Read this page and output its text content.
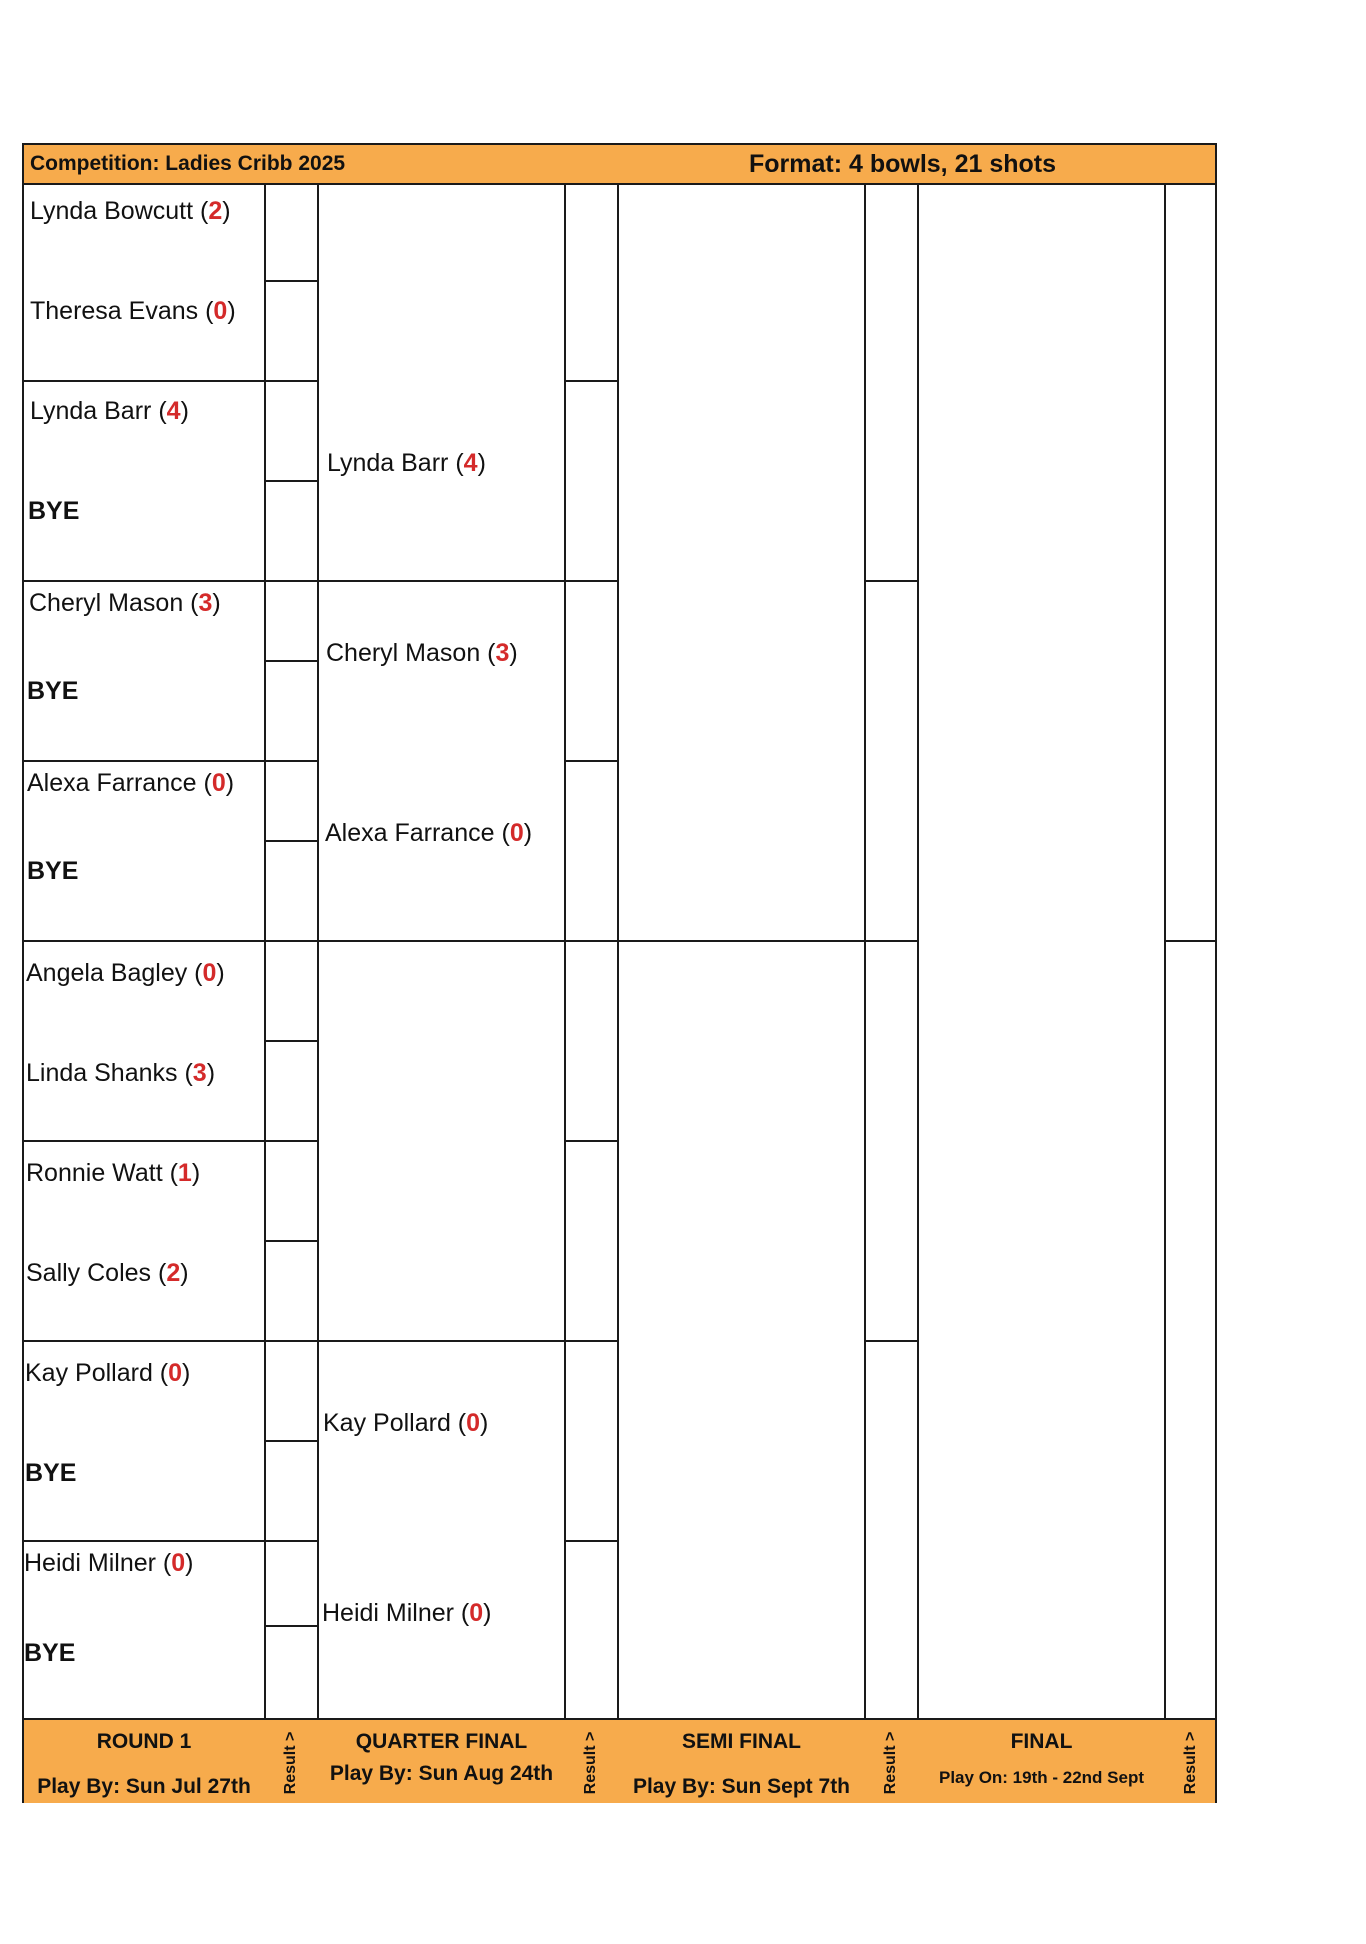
Competition: Ladies Cribb 2025	Format: 4 bowls, 21 shots
Lynda Bowcutt (2)
Theresa Evans (0)
Lynda Barr (4)
BYE
Cheryl Mason (3)
BYE
Alexa Farrance (0)
BYE
Angela Bagley (0)
Linda Shanks (3)
Ronnie Watt (1)
Sally Coles (2)
Kay Pollard (0)
BYE
Heidi Milner (0)
BYE
Lynda Barr (4)
Cheryl Mason (3)
Alexa Farrance (0)
Kay Pollard (0)
Heidi Milner (0)
ROUND 1
Play By: Sun Jul 27th	Result >	QUARTER FINAL
Play By: Sun Aug 24th	Result >	SEMI FINAL
Play By: Sun Sept 7th	Result >	FINAL
Play On: 19th - 22nd Sept	Result >
